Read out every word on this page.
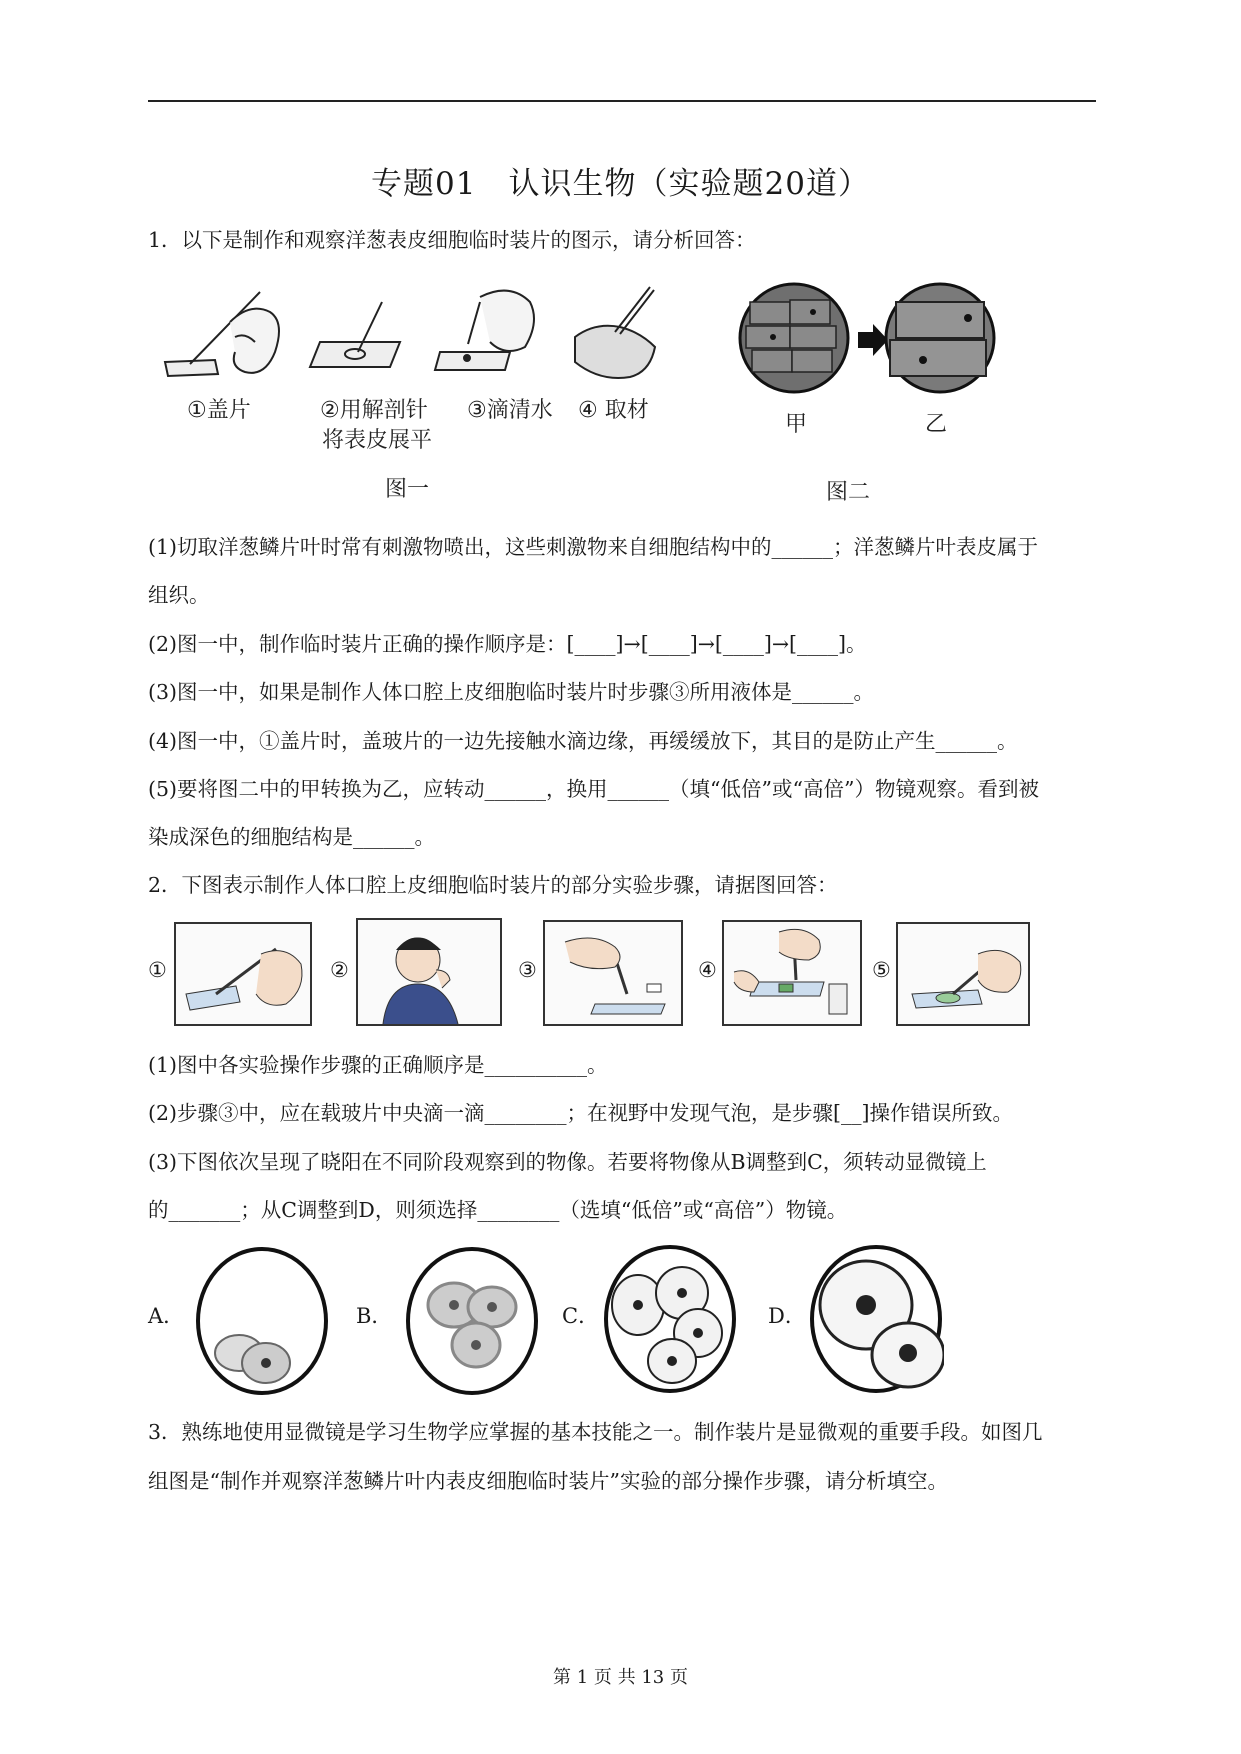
专题01　认识生物（实验题20道）
1．以下是制作和观察洋葱表皮细胞临时装片的图示，请分析回答：
①盖片	②用解剖针
将表皮展平
③滴清水 ④ 取材
图一
甲	乙
图二
(1)切取洋葱鳞片叶时常有刺激物喷出，这些刺激物来自细胞结构中的______；洋葱鳞片叶表皮属于
组织。
(2)图一中，制作临时装片正确的操作顺序是：[____]→[____]→[____]→[____]。
(3)图一中，如果是制作人体口腔上皮细胞临时装片时步骤③所用液体是______。
(4)图一中，①盖片时，盖玻片的一边先接触水滴边缘，再缓缓放下，其目的是防止产生______。
(5)要将图二中的甲转换为乙，应转动______，换用______（填“低倍”或“高倍”）物镜观察。看到被
染成深色的细胞结构是______。
2．下图表示制作人体口腔上皮细胞临时装片的部分实验步骤，请据图回答：
①	②	③	④	⑤
(1)图中各实验操作步骤的正确顺序是__________。
(2)步骤③中，应在载玻片中央滴一滴________；在视野中发现气泡，是步骤[__]操作错误所致。
(3)下图依次呈现了晓阳在不同阶段观察到的物像。若要将物像从B调整到C，须转动显微镜上
的_______；从C调整到D，则须选择________（选填“低倍”或“高倍”）物镜。
A．	B．	C．	D．
3．熟练地使用显微镜是学习生物学应掌握的基本技能之一。制作装片是显微观的重要手段。如图几
组图是“制作并观察洋葱鳞片叶内表皮细胞临时装片”实验的部分操作步骤，请分析填空。
第 1 页 共 13 页
